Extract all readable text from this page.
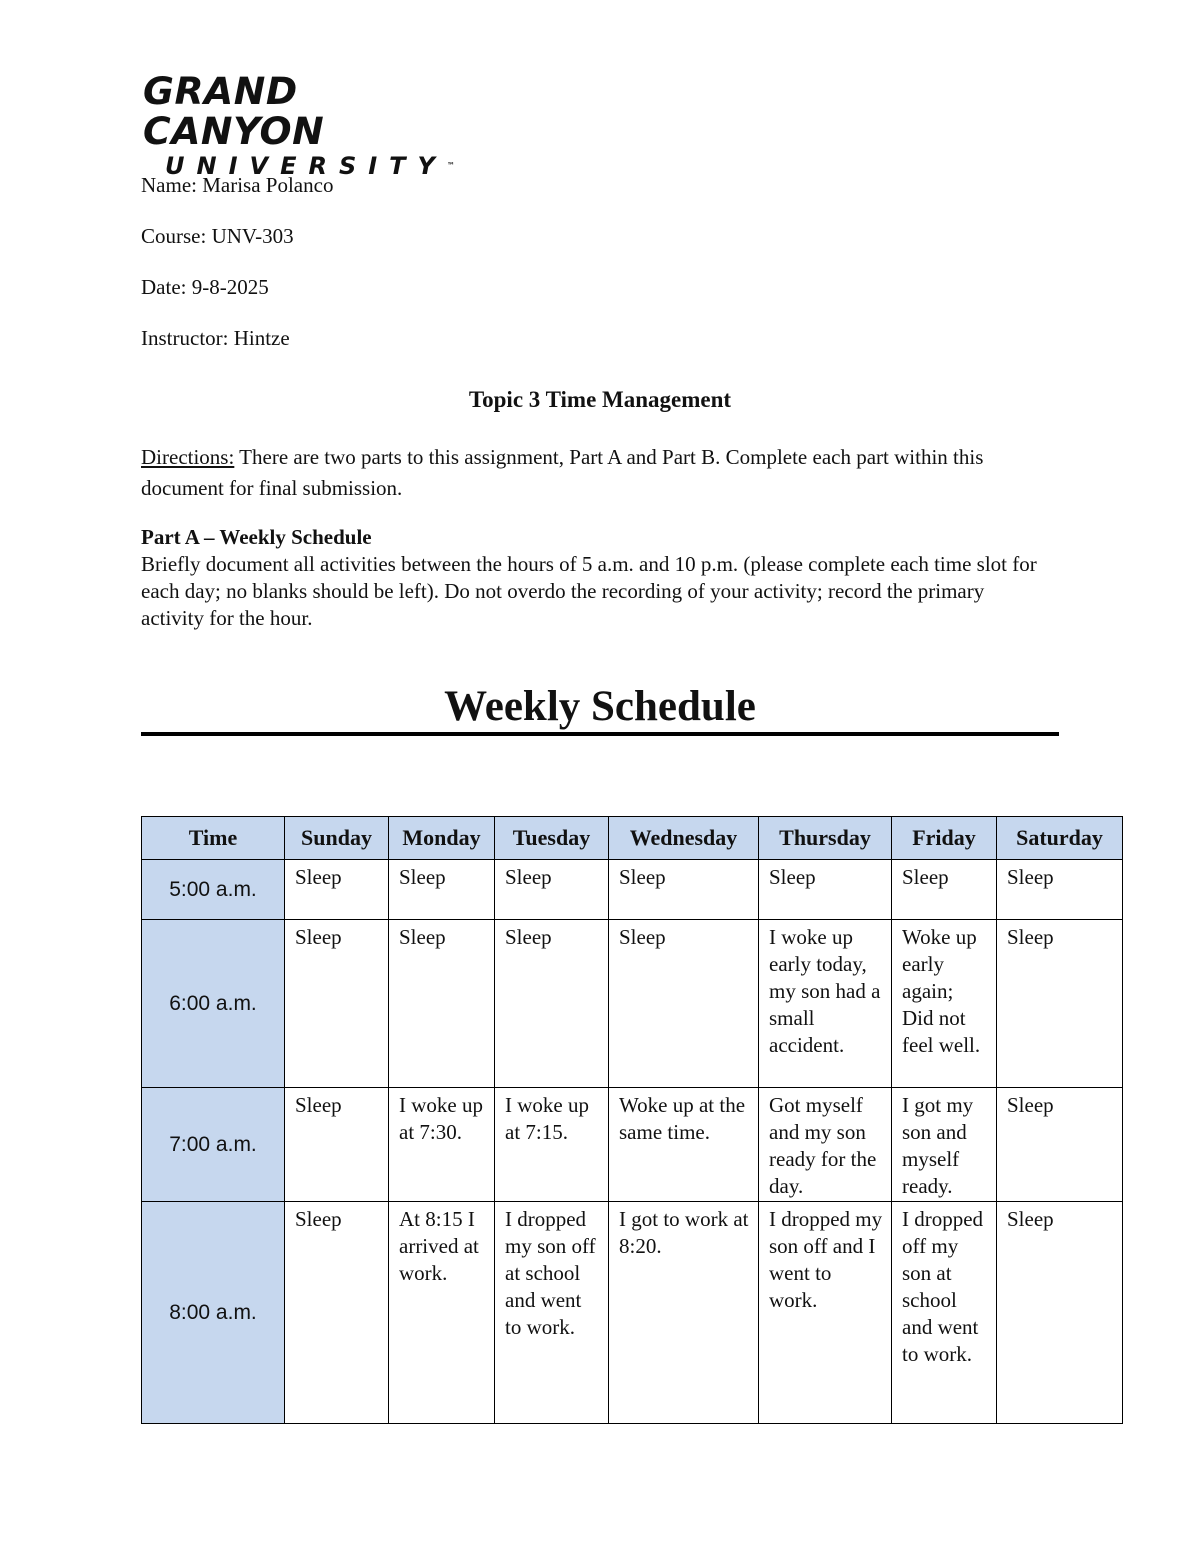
GRAND CANYON
UNIVERSITY™
Name: Marisa Polanco
Course: UNV-303
Date: 9-8-2025
Instructor: Hintze
Topic 3 Time Management
Directions: There are two parts to this assignment, Part A and Part B. Complete each part within this document for final submission.
Part A – Weekly Schedule
Briefly document all activities between the hours of 5 a.m. and 10 p.m. (please complete each time slot for each day; no blanks should be left). Do not overdo the recording of your activity; record the primary activity for the hour.
Weekly Schedule
Time	Sunday	Monday	Tuesday	Wednesday	Thursday	Friday	Saturday
5:00 a.m.	Sleep	Sleep	Sleep	Sleep	Sleep	Sleep	Sleep
6:00 a.m.	Sleep	Sleep	Sleep	Sleep	I woke up early today, my son had a small accident.	Woke up early again; Did not feel well.	Sleep
7:00 a.m.	Sleep	I woke up at 7:30.	I woke up at 7:15.	Woke up at the same time.	Got myself and my son ready for the day.	I got my son and myself ready.	Sleep
8:00 a.m.	Sleep	At 8:15 I arrived at work.	I dropped my son off at school and went to work.	I got to work at 8:20.	I dropped my son off and I went to work.	I dropped off my son at school and went to work.	Sleep
